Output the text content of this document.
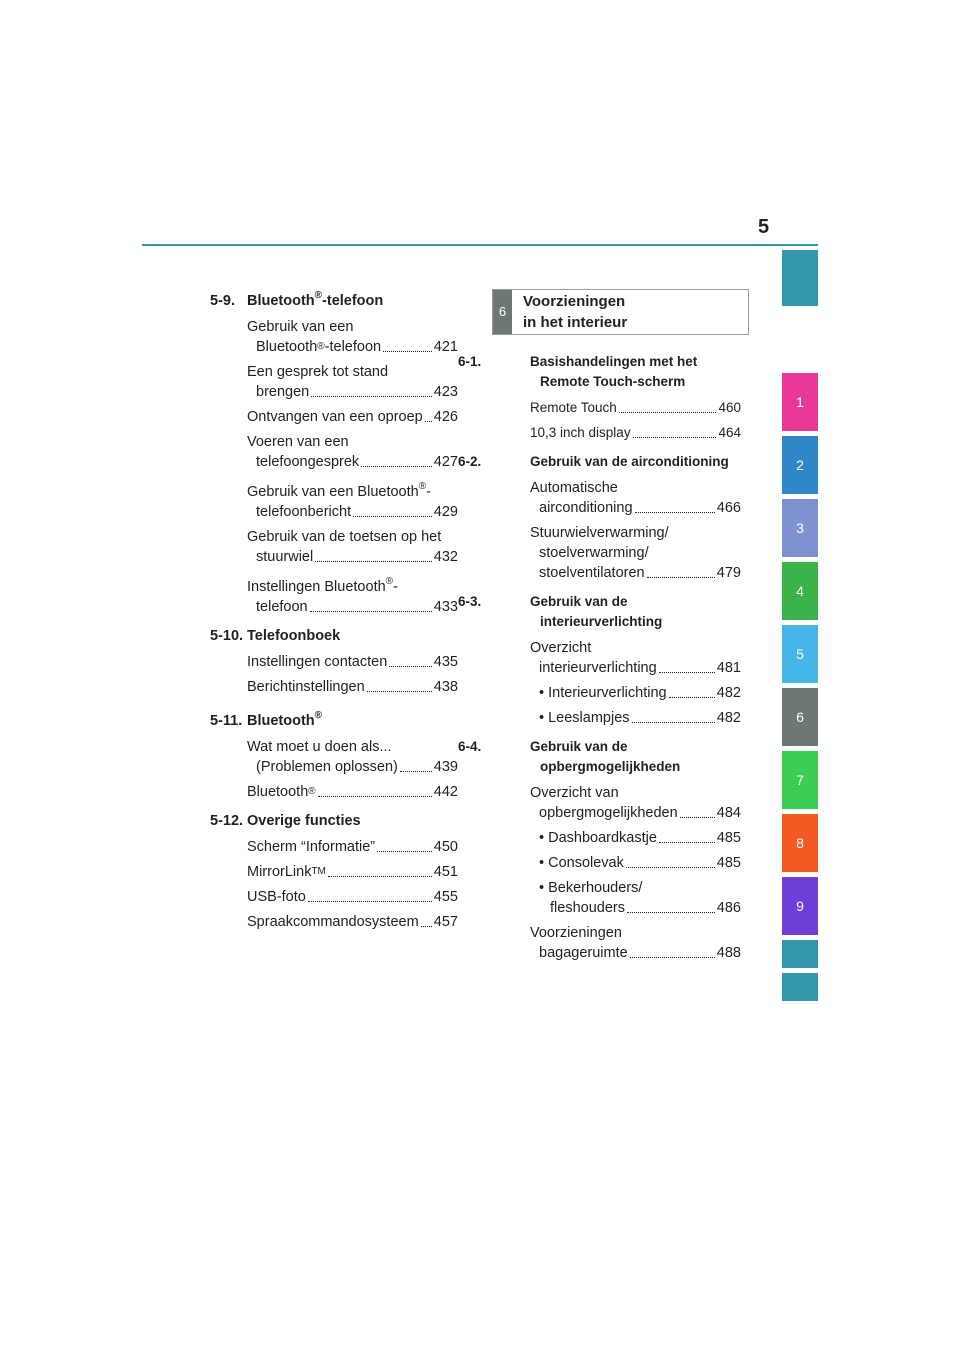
5
1
2
3
4
5
6
7
8
9
5-9. Bluetooth®-telefoon
Gebruik van een
Bluetooth ® -telefoon	421
Een gesprek tot stand
brengen	423
Ontvangen van een oproep 426
Voeren van een
telefoongesprek	427
Gebruik van een Bluetooth®-
telefoonbericht	429
Gebruik van de toetsen op het
stuurwiel	432
Instellingen Bluetooth®-
telefoon	433
5-10. Telefoonboek
Instellingen contacten	435
Berichtinstellingen	438
5-11. Bluetooth®
Wat moet u doen als...
(Problemen oplossen) 439
Bluetooth ®	442
5-12. Overige functies
Scherm “Informatie”	450
MirrorLink TM	451
USB-foto	455
Spraakcommandosysteem 457
6
Voorzieningen
in het interieur
6-1.	Basishandelingen met het
Remote Touch-scherm
Remote Touch	460
10,3 inch display	464
6-2.	Gebruik van de airconditioning
Automatische
airconditioning	466
Stuurwielverwarming/
stoelverwarming/
stoelventilatoren	479
6-3.	Gebruik van de
interieurverlichting
Overzicht
interieurverlichting	481
• Interieurverlichting	482
• Leeslampjes	482
6-4.	Gebruik van de
opbergmogelijkheden
Overzicht van
opbergmogelijkheden	484
• Dashboardkastje	485
• Consolevak	485
• Bekerhouders/
fleshouders	486
Voorzieningen
bagageruimte	488
